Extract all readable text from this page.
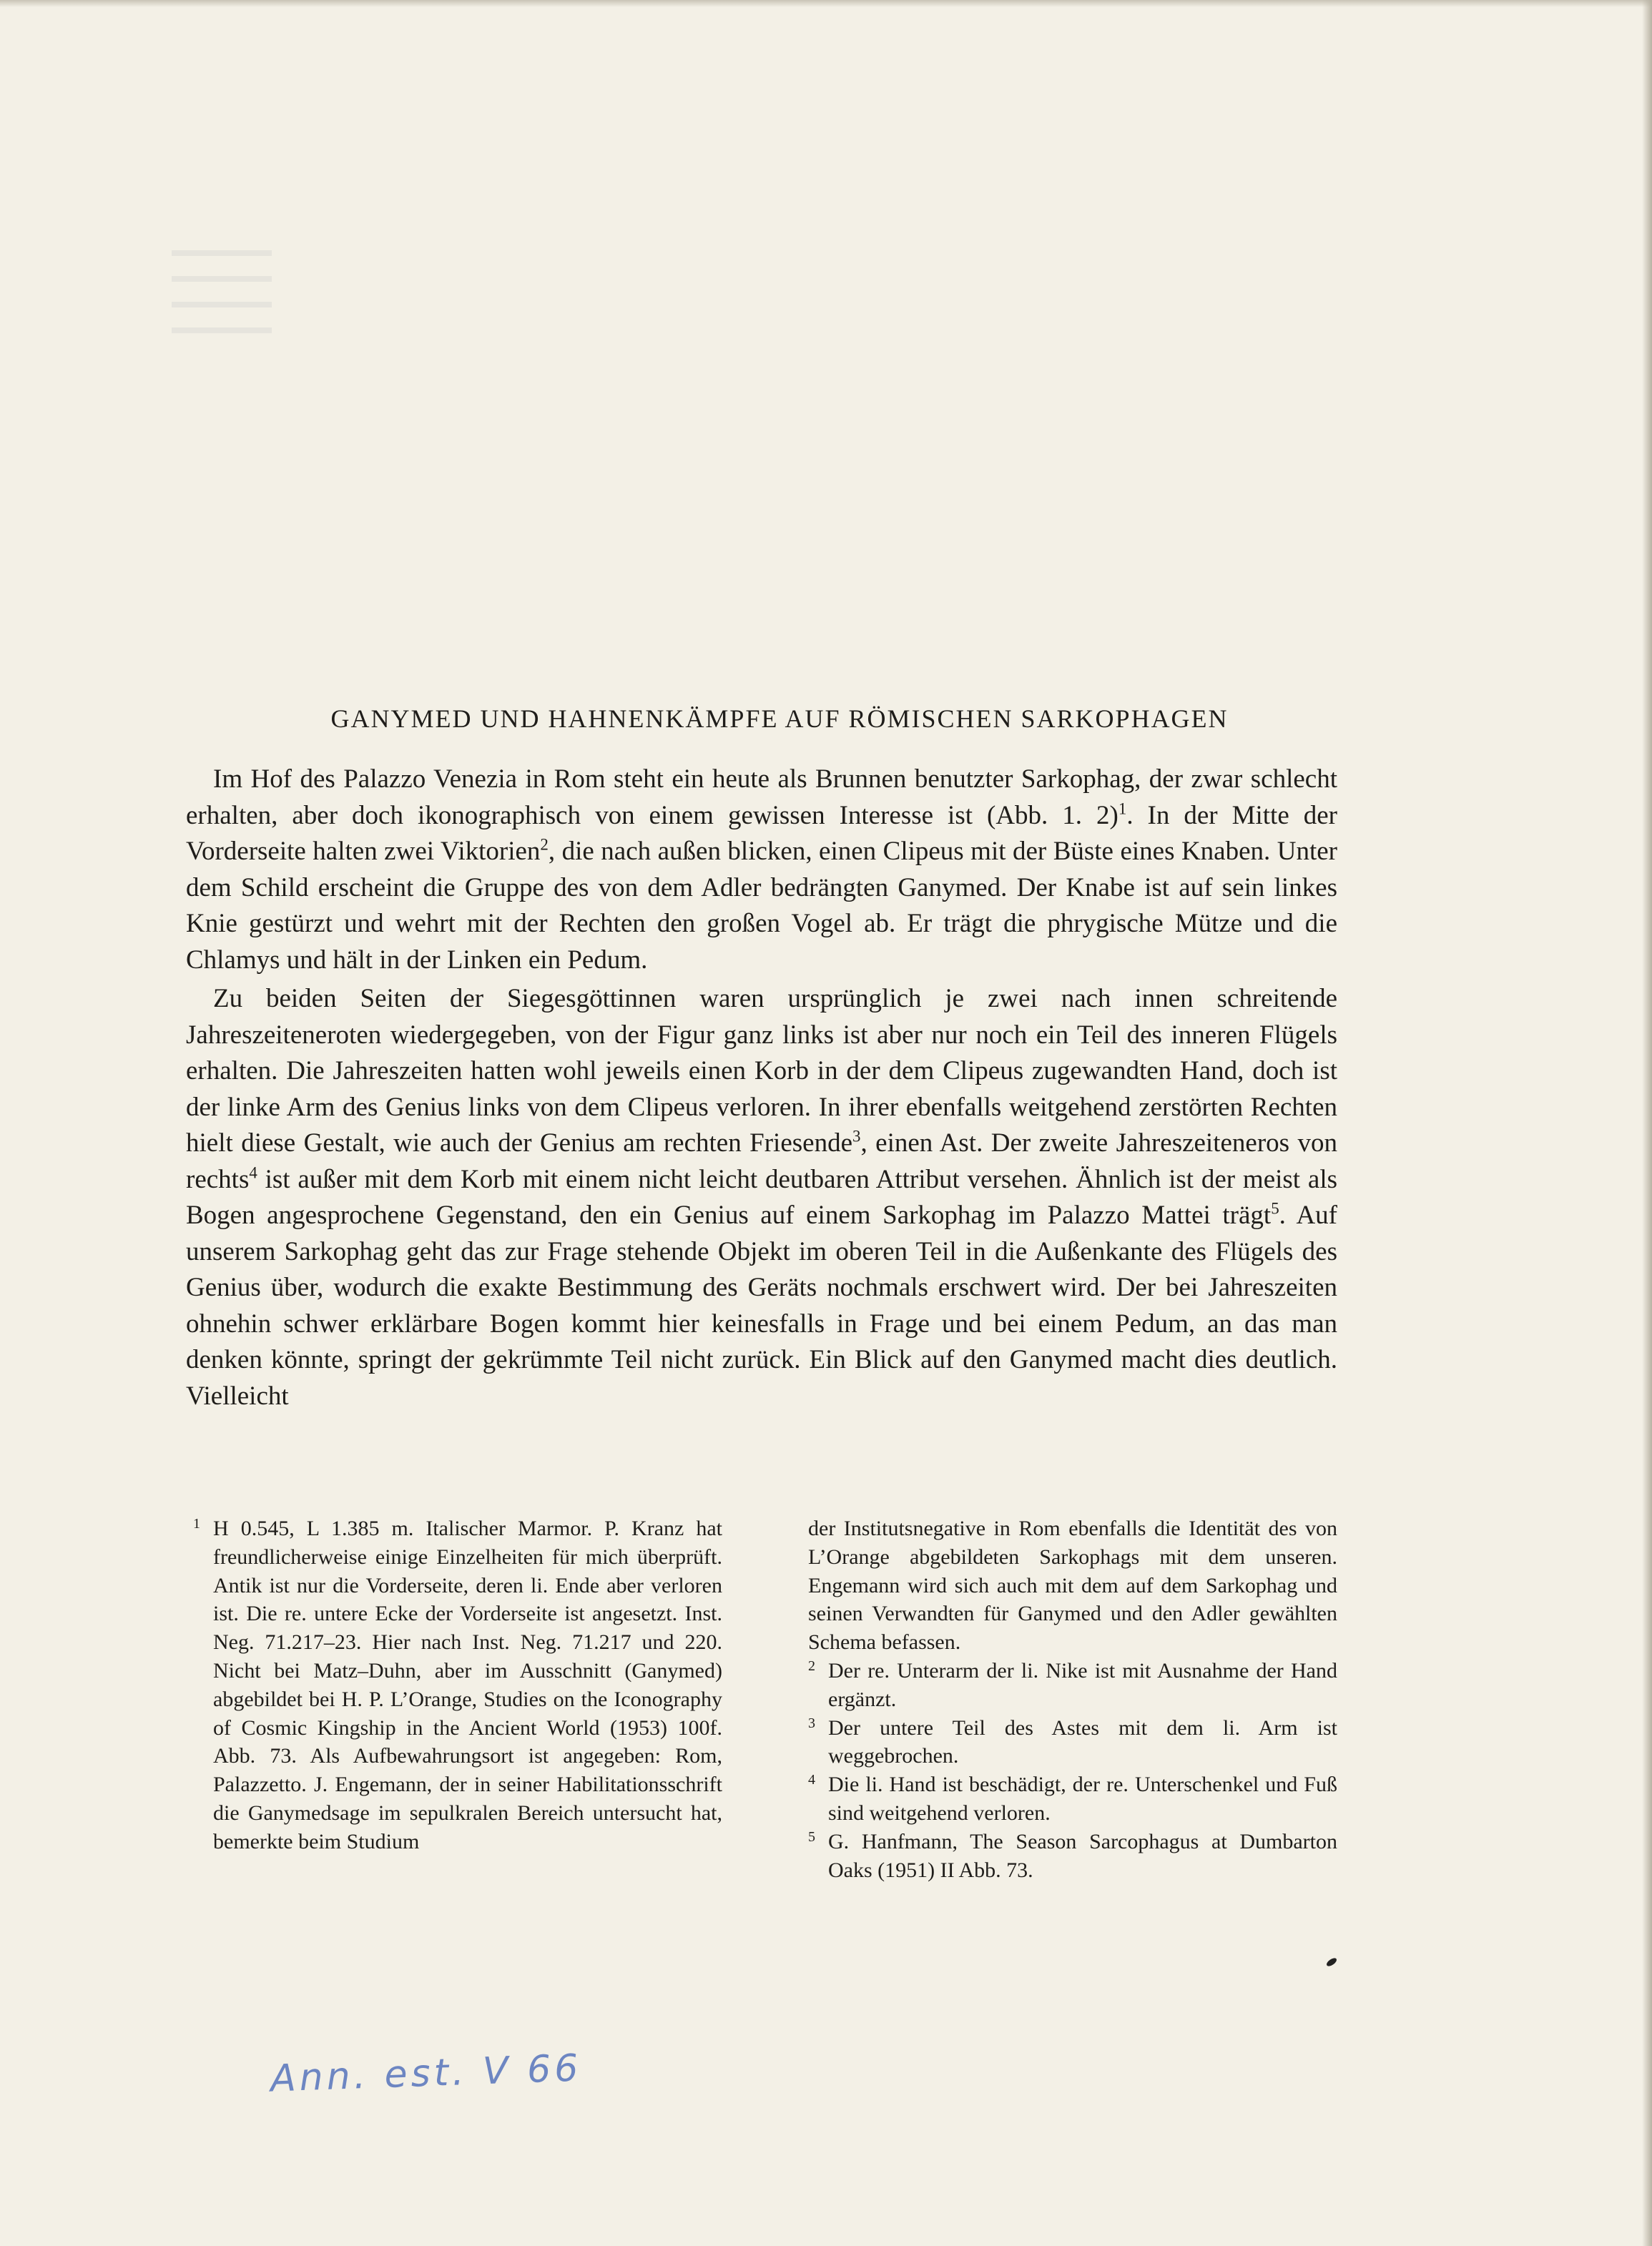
GANYMED UND HAHNENKÄMPFE AUF RÖMISCHEN SARKOPHAGEN

Im Hof des Palazzo Venezia in Rom steht ein heute als Brunnen benutzter Sarkophag, der zwar schlecht erhalten, aber doch ikonographisch von einem gewissen Interesse ist (Abb. 1. 2)$^1$. In der Mitte der Vorderseite halten zwei Viktorien$^2$, die nach außen blicken, einen Clipeus mit der Büste eines Knaben. Unter dem Schild erscheint die Gruppe des von dem Adler bedrängten Ganymed. Der Knabe ist auf sein linkes Knie gestürzt und wehrt mit der Rechten den großen Vogel ab. Er trägt die phrygische Mütze und die Chlamys und hält in der Linken ein Pedum.

Zu beiden Seiten der Siegesgöttinnen waren ursprünglich je zwei nach innen schreitende Jahreszeiteneroten wiedergegeben, von der Figur ganz links ist aber nur noch ein Teil des inneren Flügels erhalten. Die Jahreszeiten hatten wohl jeweils einen Korb in der dem Clipeus zugewandten Hand, doch ist der linke Arm des Genius links von dem Clipeus verloren. In ihrer ebenfalls weitgehend zerstörten Rechten hielt diese Gestalt, wie auch der Genius am rechten Friesende$^3$, einen Ast. Der zweite Jahreszeiteneros von rechts$^4$ ist außer mit dem Korb mit einem nicht leicht deutbaren Attribut versehen. Ähnlich ist der meist als Bogen angesprochene Gegenstand, den ein Genius auf einem Sarkophag im Palazzo Mattei trägt$^5$. Auf unserem Sarkophag geht das zur Frage stehende Objekt im oberen Teil in die Außenkante des Flügels des Genius über, wodurch die exakte Bestimmung des Geräts nochmals erschwert wird. Der bei Jahreszeiten ohnehin schwer erklärbare Bogen kommt hier keinesfalls in Frage und bei einem Pedum, an das man denken könnte, springt der gekrümmte Teil nicht zurück. Ein Blick auf den Ganymed macht dies deutlich. Vielleicht

1 H 0.545, L 1.385 m. Italischer Marmor. P. Kranz hat freundlicherweise einige Einzelheiten für mich überprüft. Antik ist nur die Vorderseite, deren li. Ende aber verloren ist. Die re. untere Ecke der Vorderseite ist angesetzt. Inst. Neg. 71.217–23. Hier nach Inst. Neg. 71.217 und 220. Nicht bei Matz–Duhn, aber im Ausschnitt (Ganymed) abgebildet bei H. P. L’Orange, Studies on the Iconography of Cosmic Kingship in the Ancient World (1953) 100f. Abb. 73. Als Aufbewahrungsort ist angegeben: Rom, Palazzetto. J. Engemann, der in seiner Habilitationsschrift die Ganymedsage im sepulkralen Bereich untersucht hat, bemerkte beim Studium

der Institutsnegative in Rom ebenfalls die Identität des von L’Orange abgebildeten Sarkophags mit dem unseren. Engemann wird sich auch mit dem auf dem Sarkophag und seinen Verwandten für Ganymed und den Adler gewählten Schema befassen.

2 Der re. Unterarm der li. Nike ist mit Ausnahme der Hand ergänzt.

3 Der untere Teil des Astes mit dem li. Arm ist weggebrochen.

4 Die li. Hand ist beschädigt, der re. Unterschenkel und Fuß sind weitgehend verloren.

5 G. Hanfmann, The Season Sarcophagus at Dumbarton Oaks (1951) II Abb. 73.

Ann. est. V 66
